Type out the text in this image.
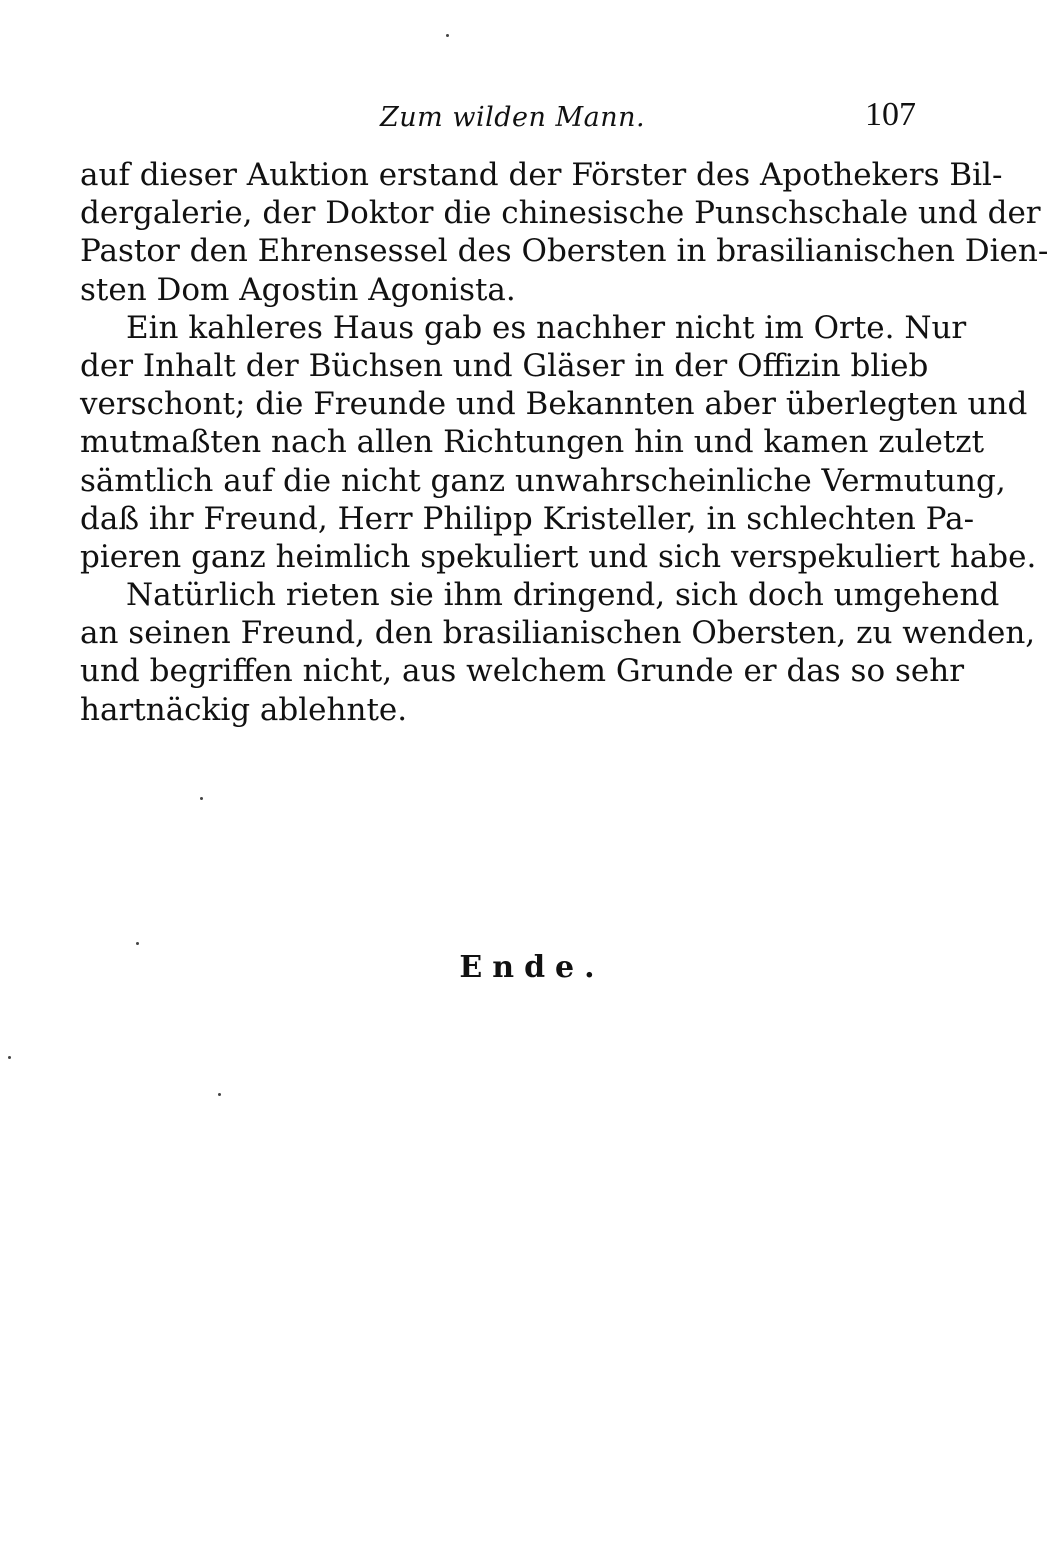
Zum wilden Mann.	107
auf dieser Auktion erstand der Förster des Apothekers Bil-
dergalerie, der Doktor die chinesische Punschschale und der
Pastor den Ehrensessel des Obersten in brasilianischen Dien-
sten Dom Agostin Agonista.
Ein kahleres Haus gab es nachher nicht im Orte. Nur
der Inhalt der Büchsen und Gläser in der Offizin blieb
verschont; die Freunde und Bekannten aber überlegten und
mutmaßten nach allen Richtungen hin und kamen zuletzt
sämtlich auf die nicht ganz unwahrscheinliche Vermutung,
daß ihr Freund, Herr Philipp Kristeller, in schlechten Pa-
pieren ganz heimlich spekuliert und sich verspekuliert habe.
Natürlich rieten sie ihm dringend, sich doch umgehend
an seinen Freund, den brasilianischen Obersten, zu wenden,
und begriffen nicht, aus welchem Grunde er das so sehr
hartnäckig ablehnte.
Ende.
